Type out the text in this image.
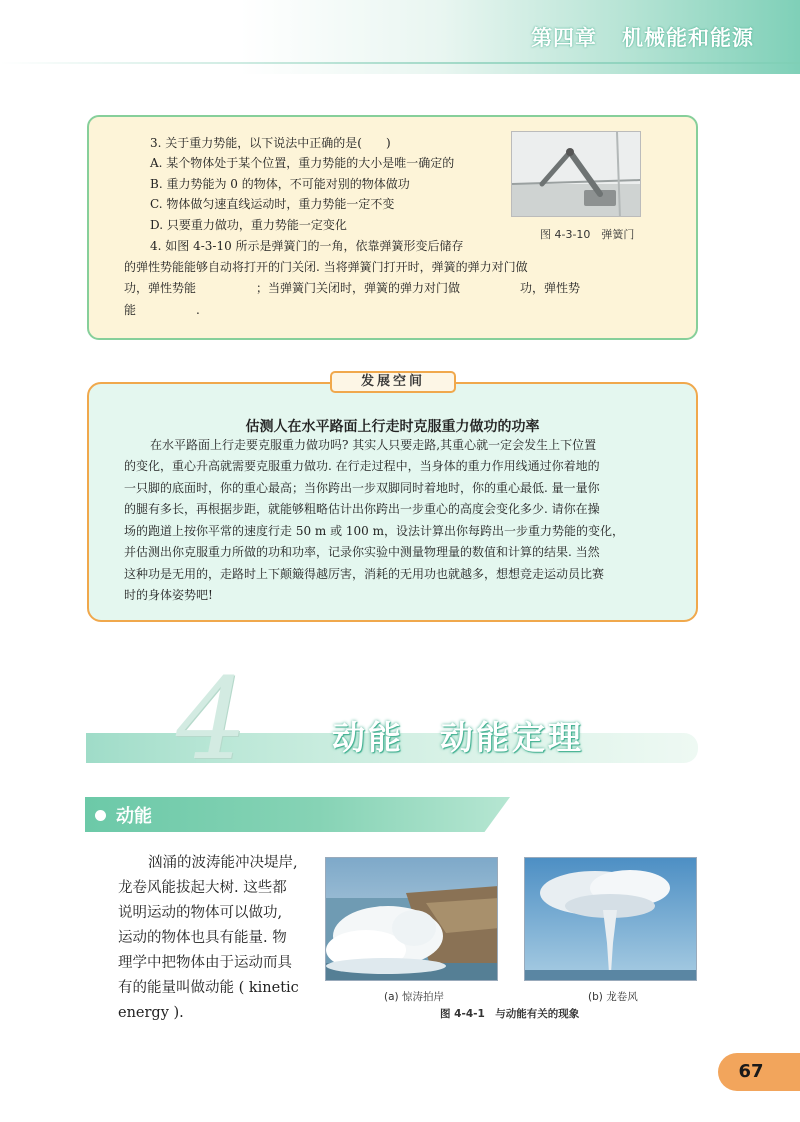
第四章   机械能和能源
3. 关于重力势能，以下说法中正确的是(　　)
A. 某个物体处于某个位置，重力势能的大小是唯一确定的
B. 重力势能为 0 的物体，不可能对别的物体做功
C. 物体做匀速直线运动时，重力势能一定不变
D. 只要重力做功，重力势能一定变化
4. 如图 4-3-10 所示是弹簧门的一角，依靠弹簧形变后储存
的弹性势能能够自动将打开的门关闭. 当将弹簧门打开时，弹簧的弹力对门做
功，弹性势能　　　　　；当弹簧门关闭时，弹簧的弹力对门做　　　　　功，弹性势
能　　　　　.
图 4-3-10　弹簧门
发展空间
估测人在水平路面上行走时克服重力做功的功率
在水平路面上行走要克服重力做功吗? 其实人只要走路,其重心就一定会发生上下位置
的变化，重心升高就需要克服重力做功. 在行走过程中，当身体的重力作用线通过你着地的
一只脚的底面时，你的重心最高；当你跨出一步双脚同时着地时，你的重心最低. 量一量你
的腿有多长，再根据步距，就能够粗略估计出你跨出一步重心的高度会变化多少. 请你在操
场的跑道上按你平常的速度行走 50 m 或 100 m，设法计算出你每跨出一步重力势能的变化，
并估测出你克服重力所做的功和功率，记录你实验中测量物理量的数值和计算的结果. 当然
这种功是无用的，走路时上下颠簸得越厉害，消耗的无用功也就越多，想想竞走运动员比赛
时的身体姿势吧!
4	动能　动能定理
动能
汹涌的波涛能冲决堤岸,
龙卷风能拔起大树. 这些都
说明运动的物体可以做功,
运动的物体也具有能量. 物
理学中把物体由于运动而具
有的能量叫做动能 ( kinetic
energy ).
(a) 惊涛拍岸	(b) 龙卷风
图 4-4-1　与动能有关的现象
67
